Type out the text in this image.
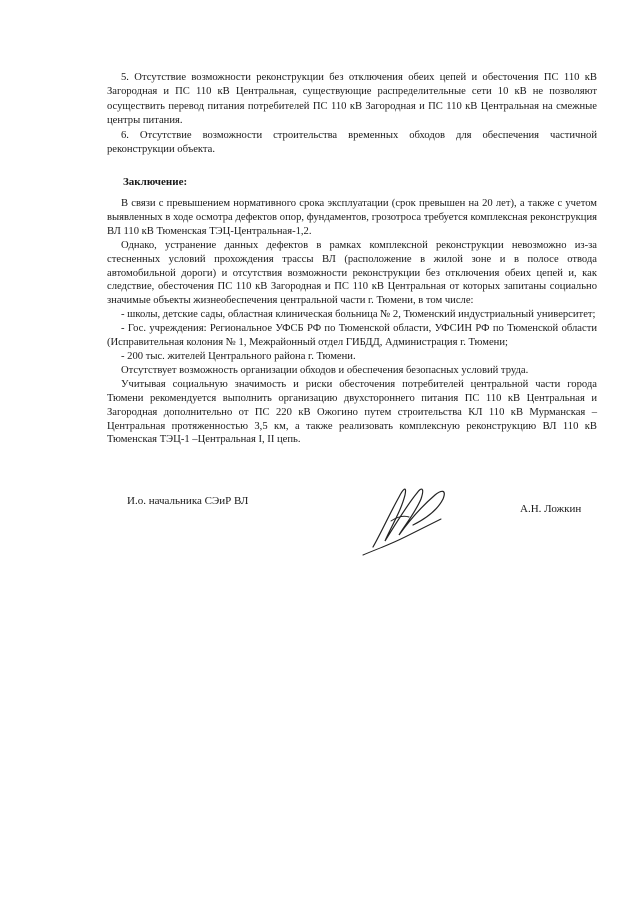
5. Отсутствие возможности реконструкции без отключения обеих цепей и обесточения ПС 110 кВ Загородная и ПС 110 кВ Центральная, существующие распределительные сети 10 кВ не позволяют осуществить перевод питания потребителей ПС 110 кВ Загородная и ПС 110 кВ Центральная на смежные центры питания.

6. Отсутствие возможности строительства временных обходов для обеспечения частичной реконструкции объекта.

Заключение:

В связи с превышением нормативного срока эксплуатации (срок превышен на 20 лет), а также с учетом выявленных в ходе осмотра дефектов опор, фундаментов, грозотроса требуется комплексная реконструкция ВЛ 110 кВ Тюменская ТЭЦ-Центральная-1,2.

Однако, устранение данных дефектов в рамках комплексной реконструкции невозможно из-за стесненных условий прохождения трассы ВЛ (расположение в жилой зоне и в полосе отвода автомобильной дороги) и отсутствия возможности реконструкции без отключения обеих цепей и, как следствие, обесточения ПС 110 кВ Загородная и ПС 110 кВ Центральная от которых запитаны социально значимые объекты жизнеобеспечения центральной части г. Тюмени, в том числе:

- школы, детские сады, областная клиническая больница № 2, Тюменский индустриальный университет;

- Гос. учреждения: Региональное УФСБ РФ по Тюменской области, УФСИН РФ по Тюменской области (Исправительная колония № 1, Межрайонный отдел ГИБДД, Администрация г. Тюмени;

- 200 тыс. жителей Центрального района г. Тюмени.

Отсутствует возможность организации обходов и обеспечения безопасных условий труда.

Учитывая социальную значимость и риски обесточения потребителей центральной части города Тюмени рекомендуется выполнить организацию двухстороннего питания ПС 110 кВ Центральная и Загородная дополнительно от ПС 220 кВ Ожогино путем строительства КЛ 110 кВ Мурманская – Центральная протяженностью 3,5 км, а также реализовать комплексную реконструкцию ВЛ 110 кВ Тюменская ТЭЦ-1 –Центральная I, II цепь.

И.о. начальника СЭиР ВЛ
А.Н. Ложкин
